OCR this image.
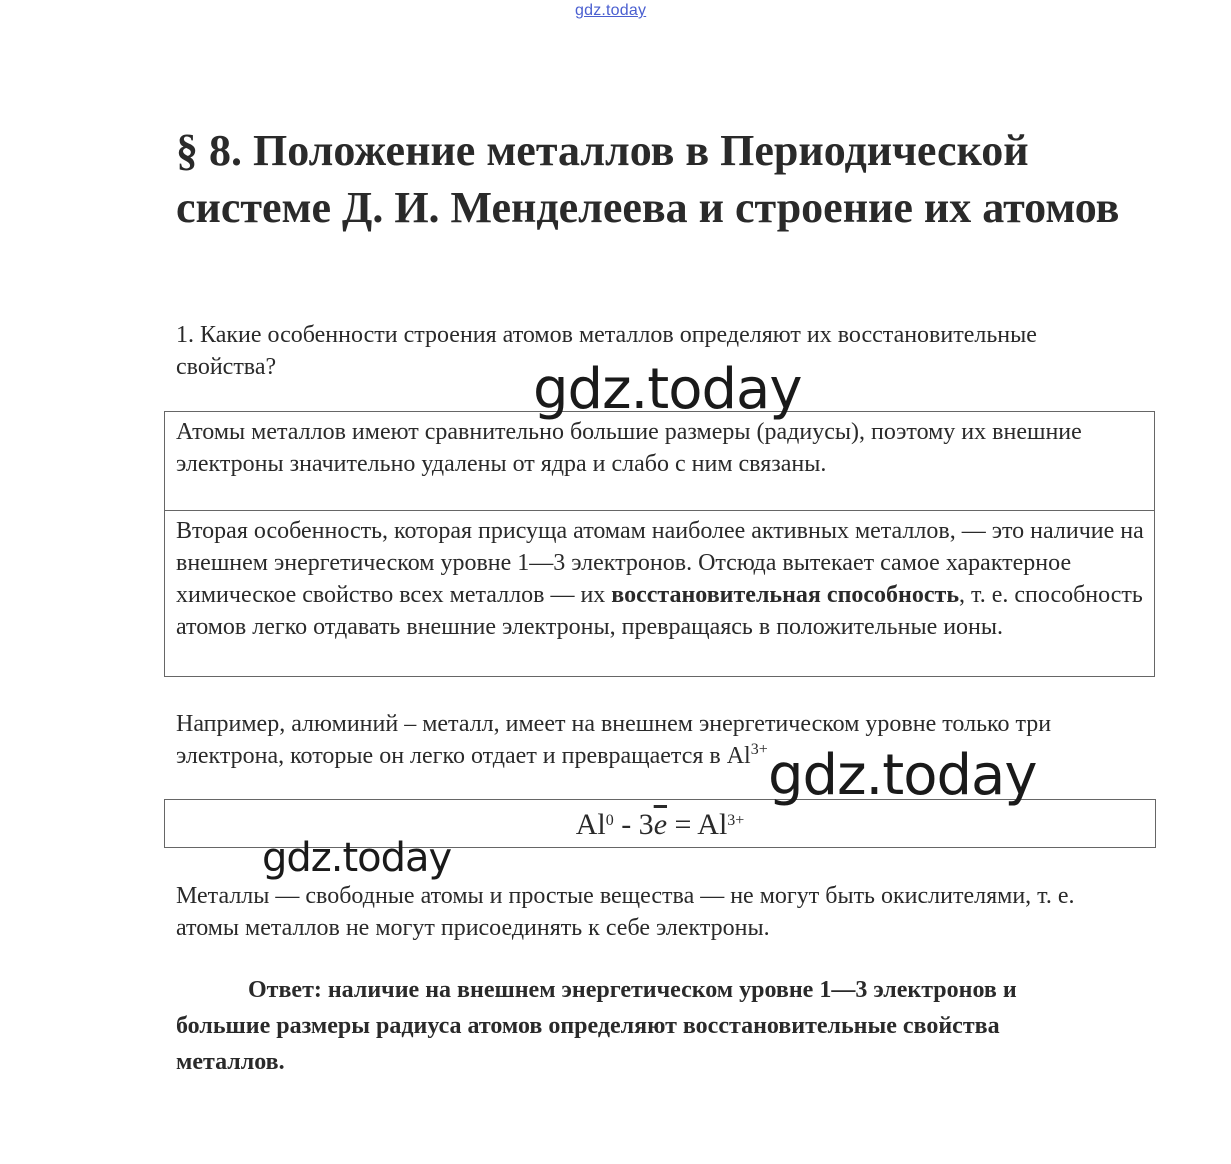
gdz.today
§ 8. Положение металлов в Периодической системе Д. И. Менделеева и строение их атомов

1. Какие особенности строения атомов металлов определяют их восстановительные свойства?

Атомы металлов имеют сравнительно большие размеры (радиусы), поэтому их внешние электроны значительно удалены от ядра и слабо с ним связаны.

Вторая особенность, которая присуща атомам наиболее активных металлов, — это наличие на внешнем энергетическом уровне 1—3 электронов. Отсюда вытекает самое характерное химическое свойство всех металлов — их восстановительная способность, т. е. способность атомов легко отдавать внешние электроны, превращаясь в положительные ионы.

Например, алюминий – металл, имеет на внешнем энергетическом уровне только три электрона, которые он легко отдает и превращается в $Al^{3+}$

$Al^0 - 3\overline{e} = Al^{3+}$

Металлы — свободные атомы и простые вещества — не могут быть окислителями, т. е. атомы металлов не могут присоединять к себе электроны.

Ответ: наличие на внешнем энергетическом уровне 1—3 электронов и большие размеры радиуса атомов определяют восстановительные свойства металлов.

gdz.today
gdz.today
gdz.today
